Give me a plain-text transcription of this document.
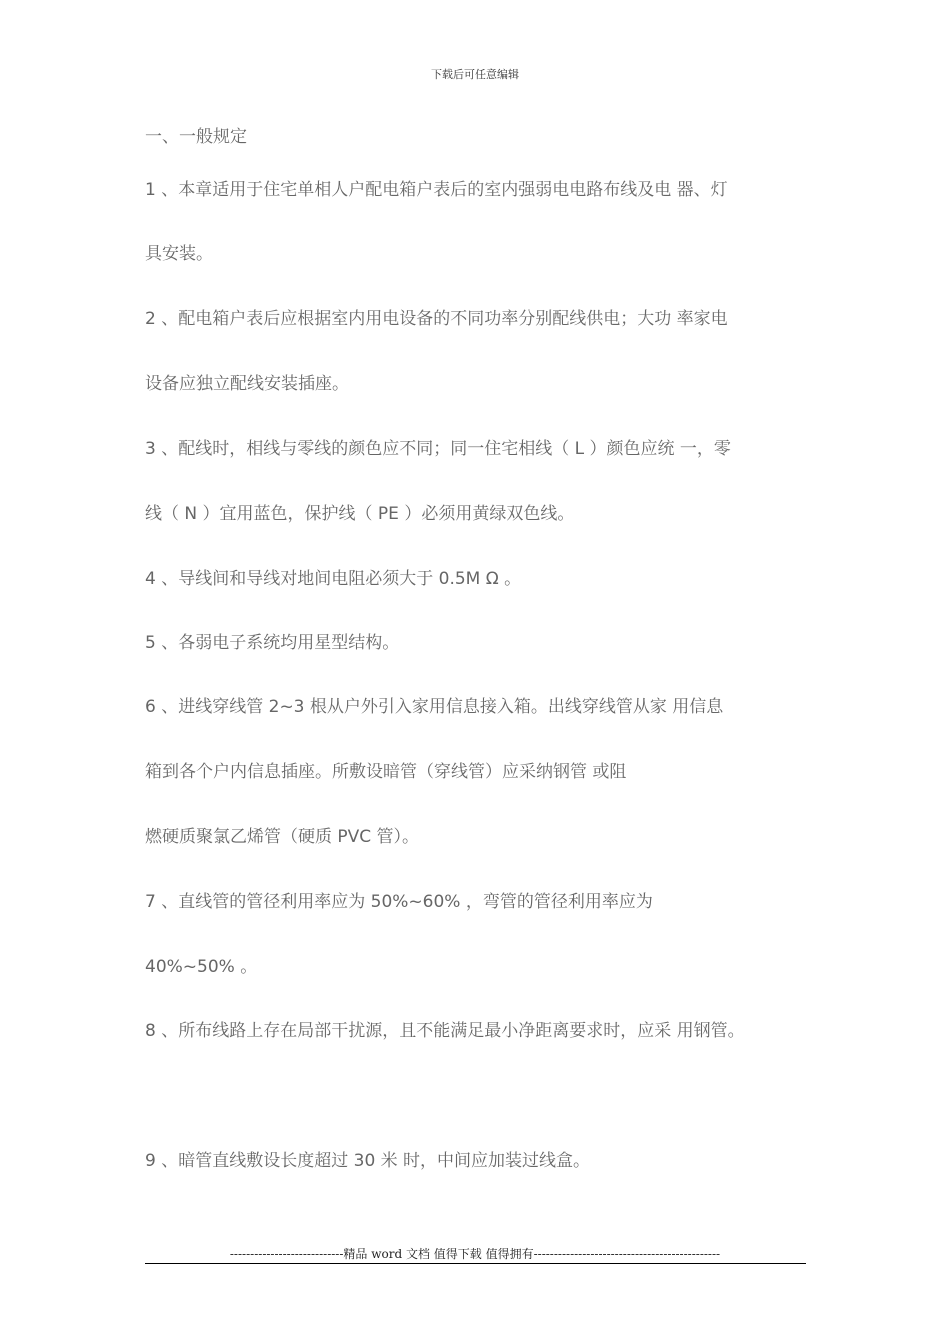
下载后可任意编辑
一、一般规定
1 、本章适用于住宅单相人户配电箱户表后的室内强弱电电路布线及电 器、灯
具安装。
2 、配电箱户表后应根据室内用电设备的不同功率分别配线供电；大功 率家电
设备应独立配线安装插座。
3 、配线时，相线与零线的颜色应不同；同一住宅相线（ L ）颜色应统 一，零
线（ N ）宜用蓝色，保护线（ PE ）必须用黄绿双色线。
4 、导线间和导线对地间电阻必须大于 0.5M Ω 。
5 、各弱电子系统均用星型结构。
6 、进线穿线管 2~3 根从户外引入家用信息接入箱。出线穿线管从家 用信息
箱到各个户内信息插座。所敷设暗管（穿线管）应采纳钢管 或阻
燃硬质聚氯乙烯管（硬质 PVC 管）。
7 、直线管的管径利用率应为 50%~60% ，弯管的管径利用率应为
40%~50% 。
8 、所布线路上存在局部干扰源，且不能满足最小净距离要求时，应采 用钢管。
9 、暗管直线敷设长度超过 30 米 时，中间应加装过线盒。
----------------------------精品 word 文档 值得下载 值得拥有----------------------------------------------
